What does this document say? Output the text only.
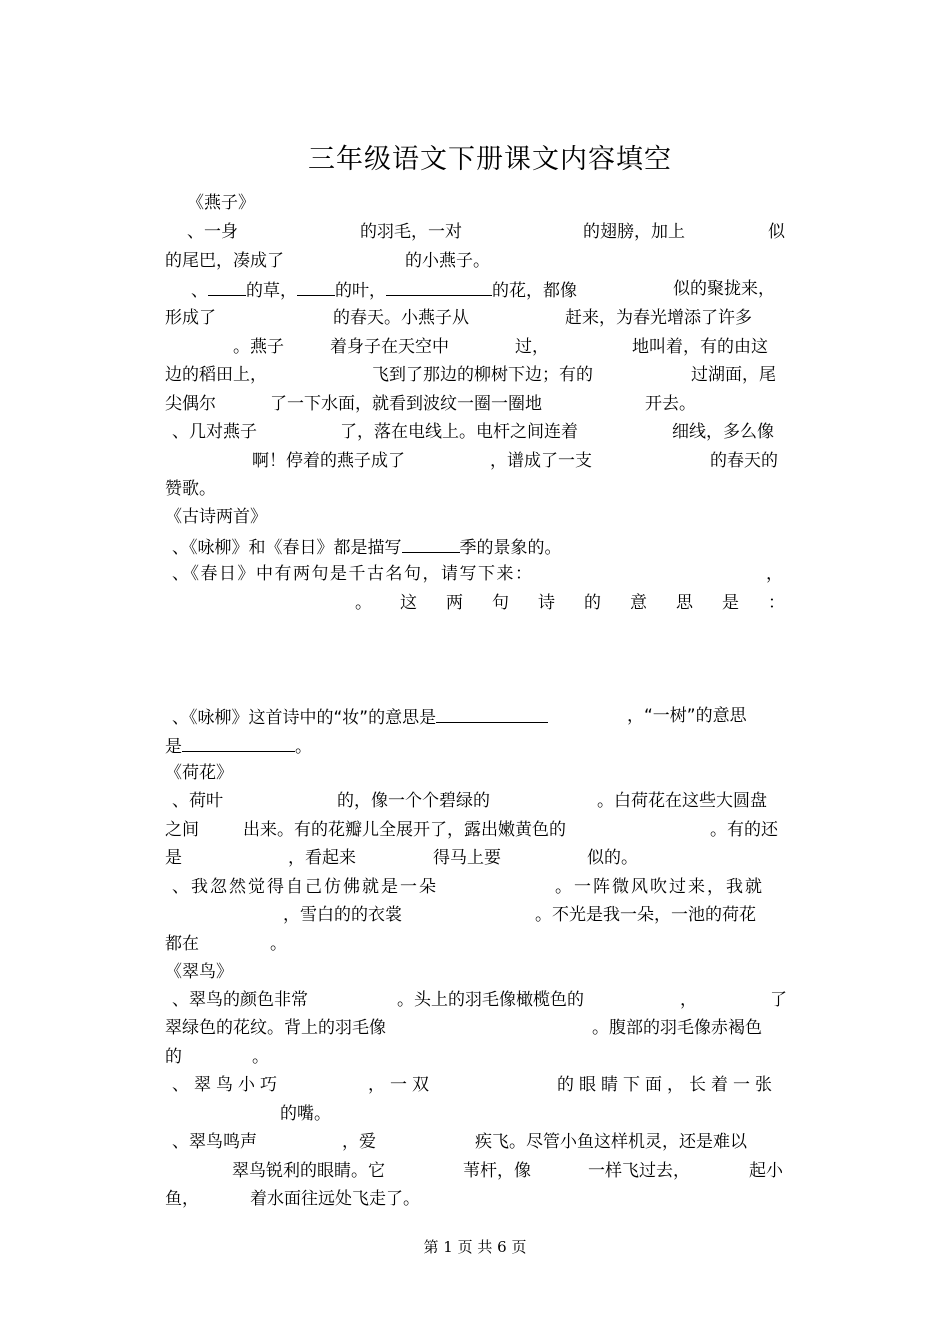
三年级语文下册课文内容填空
《燕子》
、一身	的羽毛，一对	的翅膀，加上	似
的尾巴，凑成了	的小燕子。
、 的草， 的叶，	的花，都像	似的聚拢来，
形成了	的春天。小燕子从	赶来，为春光增添了许多
。燕子	着身子在天空中	过，	地叫着，有的由这
边的稻田上，	飞到了那边的柳树下边；有的	过湖面，尾
尖偶尔	了一下水面，就看到波纹一圈一圈地	开去。
、几对燕子	了，落在电线上。电杆之间连着	细线，多么像
啊！停着的燕子成了	，谱成了一支	的春天的
赞歌。
《古诗两首》
、《咏柳》和《春日》都是描写	季的景象的。
、《春日》中有两句是千古名句，请写下来：	，
。 这　两　句　诗　的　意　思　是　：
、《咏柳》这首诗中的“妆”的意思是	，“一树”的意思
是	。
《荷花》
、荷叶	的，像一个个碧绿的	。白荷花在这些大圆盘
之间	出来。有的花瓣儿全展开了，露出嫩黄色的	。有的还
是	，看起来	得马上要	似的。
、我忽然觉得自己仿佛就是一朵	。一阵微风吹过来，我就
，雪白的的衣裳	。不光是我一朵，一池的荷花
都在	。
《翠鸟》
、翠鸟的颜色非常	。头上的羽毛像橄榄色的	，	了
翠绿色的花纹。背上的羽毛像	。腹部的羽毛像赤褐色
的	。
、翠鸟小巧	，一双	的眼睛下面，长着一张
的嘴。
、翠鸟鸣声	，爱	疾飞。尽管小鱼这样机灵，还是难以
翠鸟锐利的眼睛。它	苇杆，像	一样飞过去，	起小
鱼，	着水面往远处飞走了。
第 1 页 共 6 页
